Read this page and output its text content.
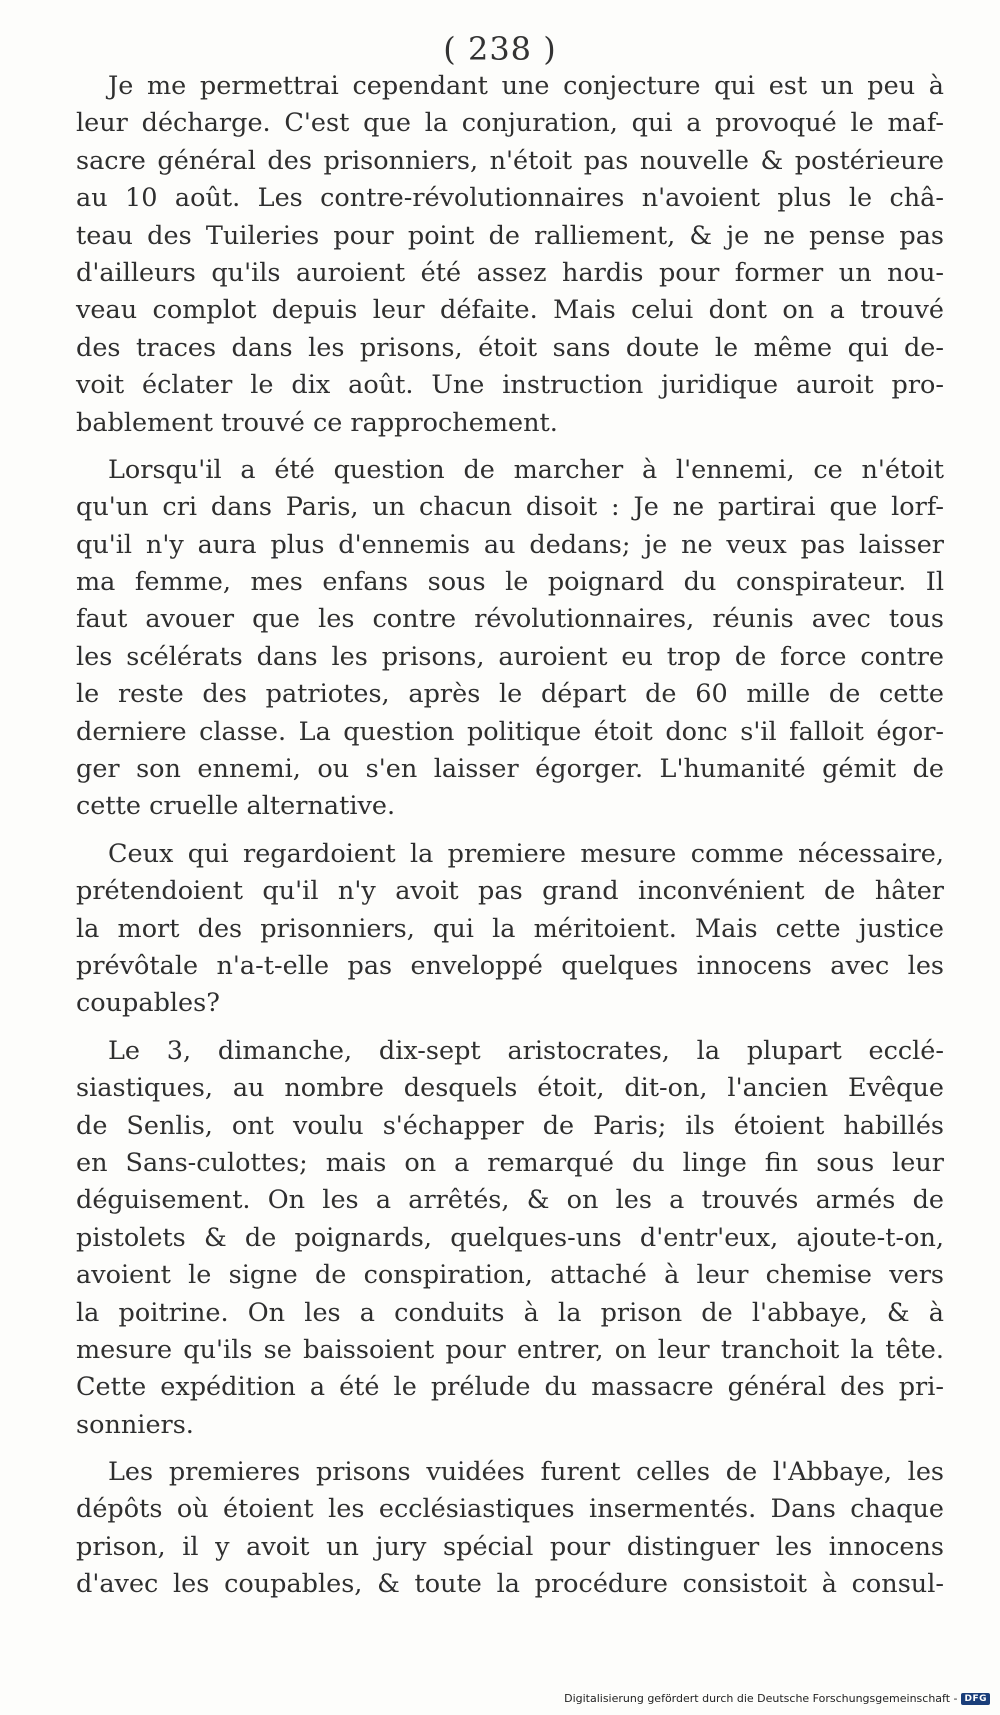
( 238 )
Je me permettrai cependant une conjecture qui est un peu à
leur décharge. C'est que la conjuration, qui a provoqué le maf-
sacre général des prisonniers, n'étoit pas nouvelle & postérieure
au 10 août. Les contre-révolutionnaires n'avoient plus le châ-
teau des Tuileries pour point de ralliement, & je ne pense pas
d'ailleurs qu'ils auroient été assez hardis pour former un nou-
veau complot depuis leur défaite. Mais celui dont on a trouvé
des traces dans les prisons, étoit sans doute le même qui de-
voit éclater le dix août. Une instruction juridique auroit pro-
bablement trouvé ce rapprochement.
Lorsqu'il a été question de marcher à l'ennemi, ce n'étoit
qu'un cri dans Paris, un chacun disoit : Je ne partirai que lorf-
qu'il n'y aura plus d'ennemis au dedans; je ne veux pas laisser
ma femme, mes enfans sous le poignard du conspirateur. Il
faut avouer que les contre révolutionnaires, réunis avec tous
les scélérats dans les prisons, auroient eu trop de force contre
le reste des patriotes, après le départ de 60 mille de cette
derniere classe. La question politique étoit donc s'il falloit égor-
ger son ennemi, ou s'en laisser égorger. L'humanité gémit de
cette cruelle alternative.
Ceux qui regardoient la premiere mesure comme nécessaire,
prétendoient qu'il n'y avoit pas grand inconvénient de hâter
la mort des prisonniers, qui la méritoient. Mais cette justice
prévôtale n'a-t-elle pas enveloppé quelques innocens avec les
coupables?
Le 3, dimanche, dix-sept aristocrates, la plupart ecclé-
siastiques, au nombre desquels étoit, dit-on, l'ancien Evêque
de Senlis, ont voulu s'échapper de Paris; ils étoient habillés
en Sans-culottes; mais on a remarqué du linge fin sous leur
déguisement. On les a arrêtés, & on les a trouvés armés de
pistolets & de poignards, quelques-uns d'entr'eux, ajoute-t-on,
avoient le signe de conspiration, attaché à leur chemise vers
la poitrine. On les a conduits à la prison de l'abbaye, & à
mesure qu'ils se baissoient pour entrer, on leur tranchoit la tête.
Cette expédition a été le prélude du massacre général des pri-
sonniers.
Les premieres prisons vuidées furent celles de l'Abbaye, les
dépôts où étoient les ecclésiastiques insermentés. Dans chaque
prison, il y avoit un jury spécial pour distinguer les innocens
d'avec les coupables, & toute la procédure consistoit à consul-
Digitalisierung gefördert durch die Deutsche Forschungsgemeinschaft - DFG
